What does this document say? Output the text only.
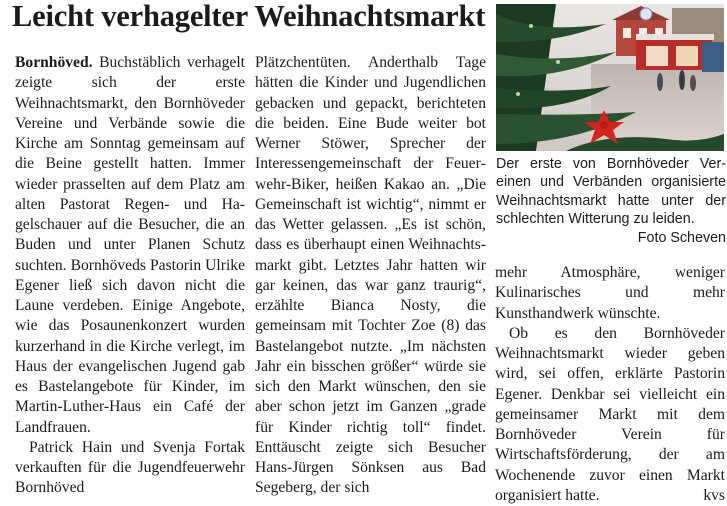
Leicht verhagelter Weihnachtsmarkt

Bornhöved. Buchstäblich verhagelt zeigte sich der erste Weihnachtsmarkt, den Bornhöveder Vereine und Verbände sowie die Kirche am Sonntag gemeinsam auf die Beine gestellt hatten. Immer wieder prasselten auf dem Platz am alten Pastorat Regen- und Hagelschauer auf die Besucher, die an Buden und unter Planen Schutz suchten. Bornhöveds Pastorin Ulrike Egener ließ sich davon nicht die Laune verdeben. Einige Angebote, wie das Posaunenkonzert wurden kurzerhand in die Kirche verlegt, im Haus der evangelischen Jugend gab es Bastelangebote für Kinder, im Martin-Luther-Haus ein Café der Landfrauen.

Patrick Hain und Svenja Fortak verkauften für die Jugendfeuerwehr Bornhöved

Plätzchentüten. Anderthalb Tage hätten die Kinder und Jugendlichen gebacken und gepackt, berichteten die beiden. Eine Bude weiter bot Werner Stöwer, Sprecher der Interessengemeinschaft der Feuerwehr-Biker, heißen Kakao an. „Die Gemeinschaft ist wichtig“, nimmt er das Wetter gelassen. „Es ist schön, dass es überhaupt einen Weihnachtsmarkt gibt. Letztes Jahr hatten wir gar keinen, das war ganz traurig“, erzählte Bianca Nosty, die gemeinsam mit Tochter Zoe (8) das Bastelangebot nutzte. „Im nächsten Jahr ein bisschen größer“ würde sie sich den Markt wünschen, den sie aber schon jetzt im Ganzen „grade für Kinder richtig toll“ findet. Enttäuscht zeigte sich Besucher Hans-Jürgen Sönksen aus Bad Segeberg, der sich

Der erste von Bornhöveder Vereinen und Verbänden organisierte Weihnachtsmarkt hatte unter der schlechten Witterung zu leiden.
Foto Scheven

mehr Atmosphäre, weniger Kulinarisches und mehr Kunsthandwerk wünschte.

Ob es den Bornhöveder Weihnachtsmarkt wieder geben wird, sei offen, erklärte Pastorin Egener. Denkbar sei vielleicht ein gemeinsamer Markt mit dem Bornhöveder Verein für Wirtschaftsförderung, der am Wochenende zuvor einen Markt organisiert hatte.	kvs
